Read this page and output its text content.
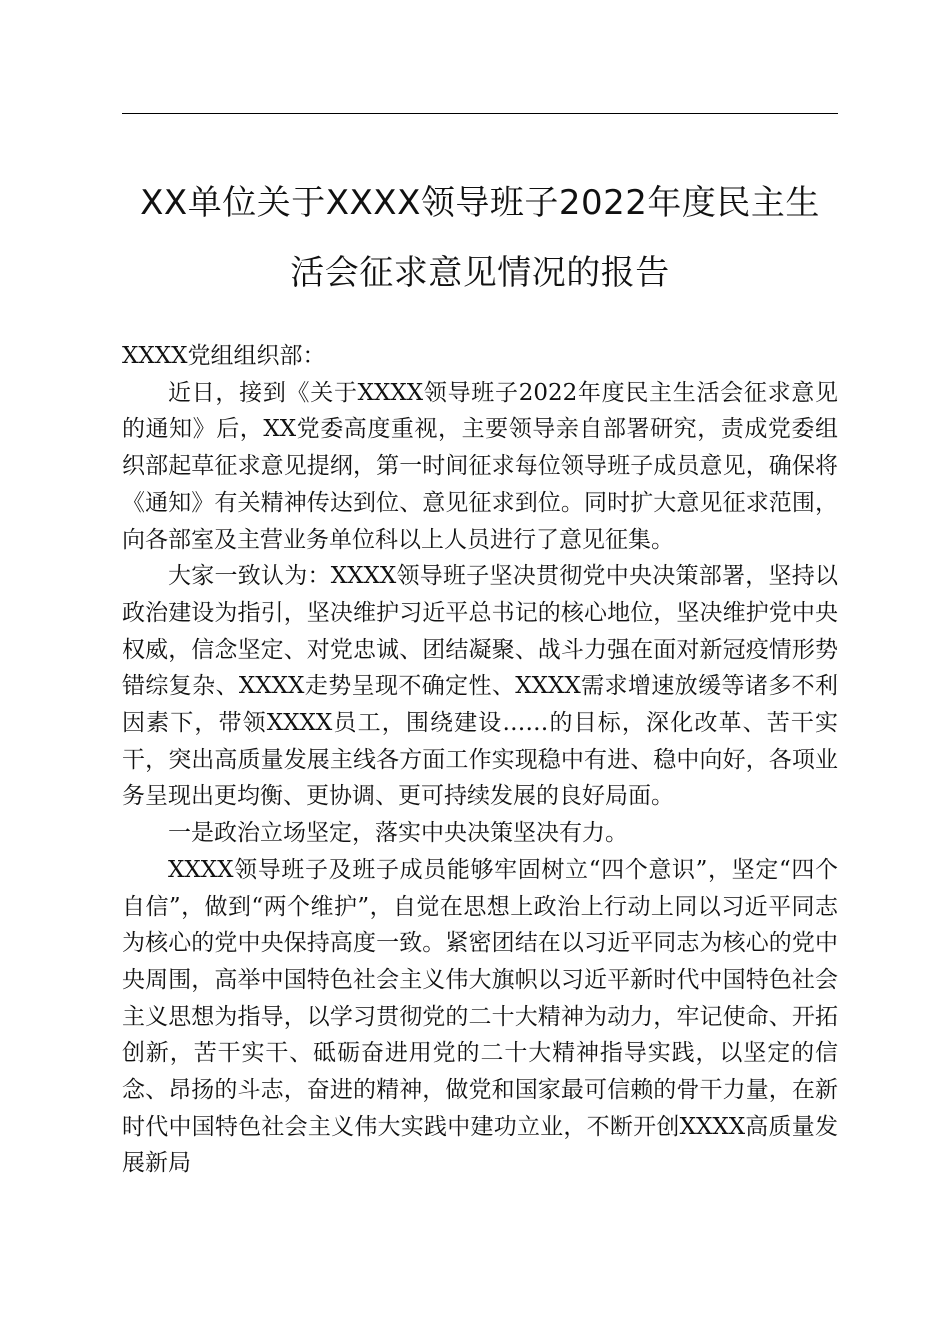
XX单位关于XXXX领导班子2022年度民主生
活会征求意见情况的报告

XXXX党组组织部：

近日，接到《关于XXXX领导班子2022年度民主生活会征求意见的通知》后，XX党委高度重视，主要领导亲自部署研究，责成党委组织部起草征求意见提纲，第一时间征求每位领导班子成员意见，确保将《通知》有关精神传达到位、意见征求到位。同时扩大意见征求范围，向各部室及主营业务单位科以上人员进行了意见征集。

大家一致认为：XXXX领导班子坚决贯彻党中央决策部署，坚持以政治建设为指引，坚决维护习近平总书记的核心地位，坚决维护党中央权威，信念坚定、对党忠诚、团结凝聚、战斗力强在面对新冠疫情形势错综复杂、XXXX走势呈现不确定性、XXXX需求增速放缓等诸多不利因素下，带领XXXX员工，围绕建设……的目标，深化改革、苦干实干，突出高质量发展主线各方面工作实现稳中有进、稳中向好，各项业务呈现出更均衡、更协调、更可持续发展的良好局面。

一是政治立场坚定，落实中央决策坚决有力。

XXXX领导班子及班子成员能够牢固树立“四个意识”，坚定“四个自信”，做到“两个维护”，自觉在思想上政治上行动上同以习近平同志为核心的党中央保持高度一致。紧密团结在以习近平同志为核心的党中央周围，高举中国特色社会主义伟大旗帜以习近平新时代中国特色社会主义思想为指导，以学习贯彻党的二十大精神为动力，牢记使命、开拓创新，苦干实干、砥砺奋进用党的二十大精神指导实践，以坚定的信念、昂扬的斗志，奋进的精神，做党和国家最可信赖的骨干力量，在新时代中国特色社会主义伟大实践中建功立业，不断开创XXXX高质量发展新局
